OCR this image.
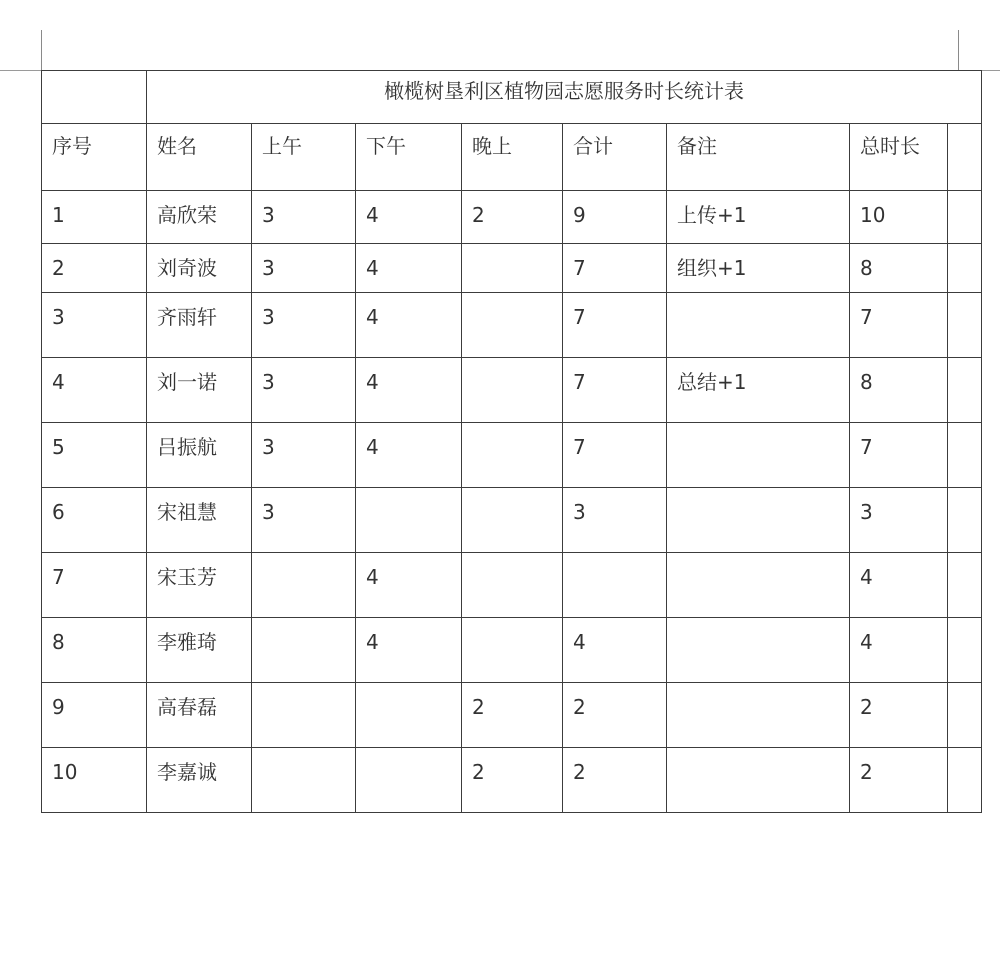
	橄榄树垦利区植物园志愿服务时长统计表							
序号	姓名	上午	下午	晚上	合计	备注	总时长	
1	高欣荣	3	4	2	9	上传+1	10	
2	刘奇波	3	4		7	组织+1	8	
3	齐雨轩	3	4		7		7	
4	刘一诺	3	4		7	总结+1	8	
5	吕振航	3	4		7		7	
6	宋祖慧	3			3		3	
7	宋玉芳		4				4	
8	李雅琦		4		4		4	
9	高春磊			2	2		2	
10	李嘉诚			2	2		2	
